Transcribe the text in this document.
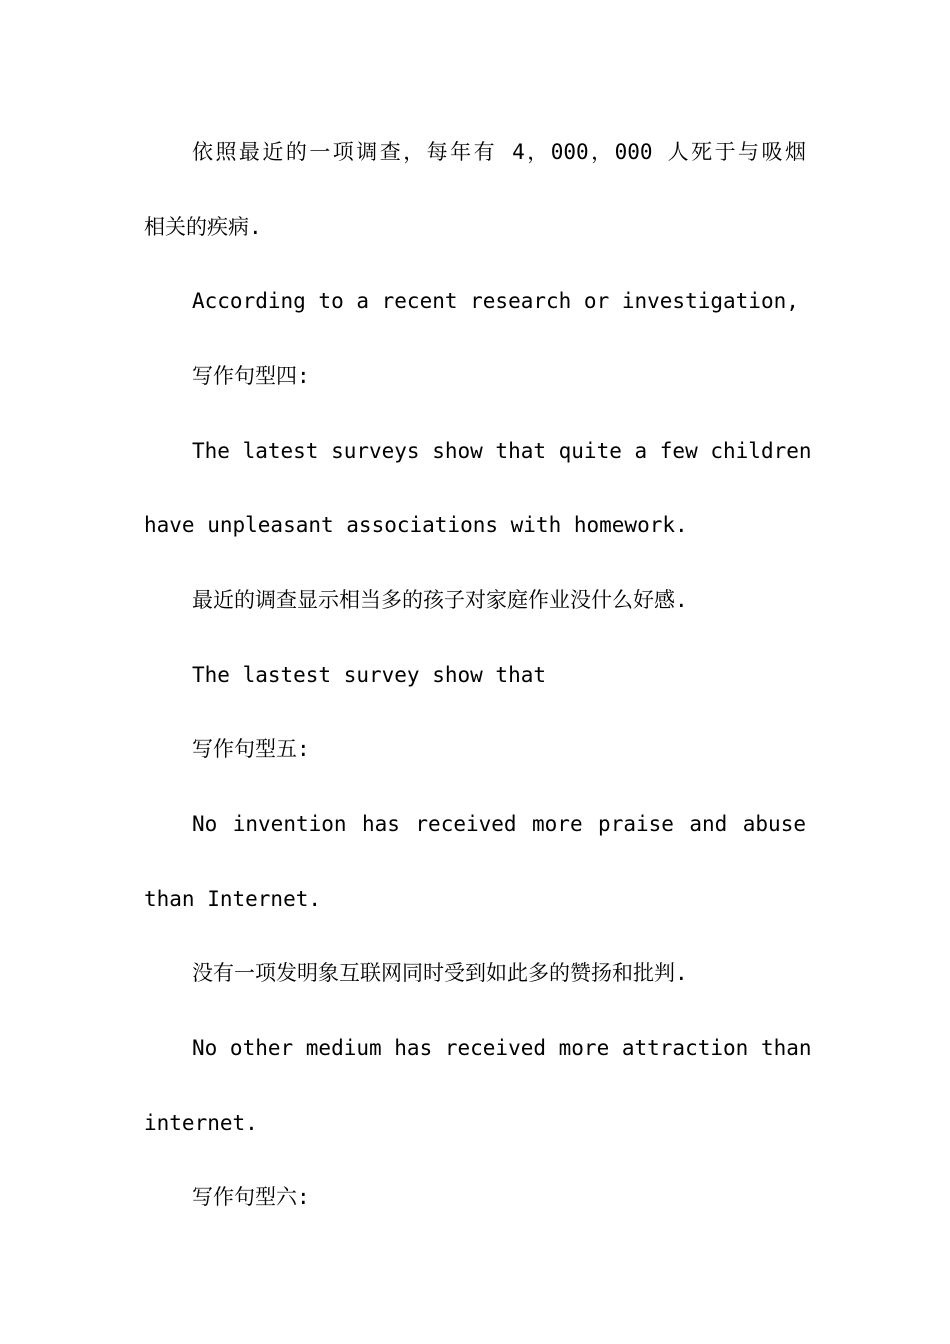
依照最近的一项调查，每年有 4，000，000 人死于与吸烟
相关的疾病.
According to a recent research or investigation,
写作句型四:
The latest surveys show that quite a few children
have unpleasant associations with homework.
最近的调查显示相当多的孩子对家庭作业没什么好感.
The lastest survey show that
写作句型五:
No invention has received more praise and abuse
than Internet.
没有一项发明象互联网同时受到如此多的赞扬和批判.
No other medium has received more attraction than
internet.
写作句型六:
